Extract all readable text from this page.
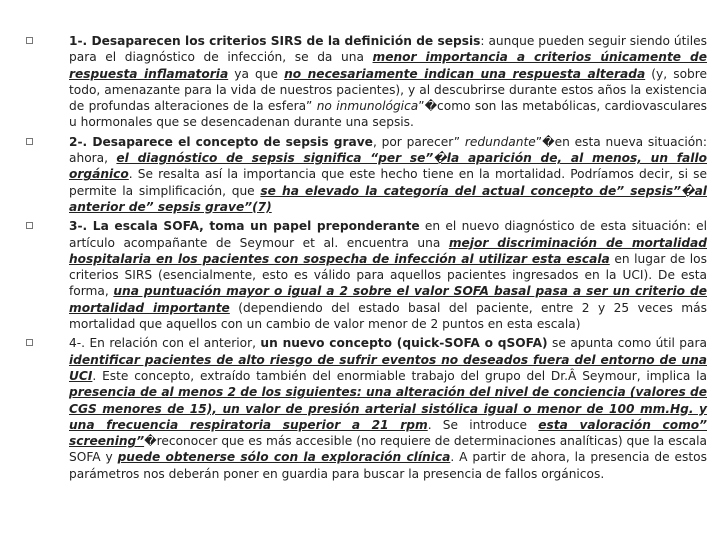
1-. Desaparecen los criterios SIRS de la definición de sepsis: aunque pueden seguir siendo útiles para el diagnóstico de infección, se da una menor importancia a criterios únicamente de respuesta inflamatoria ya que no necesariamente indican una respuesta alterada (y, sobre todo, amenazante para la vida de nuestros pacientes), y al descubrirse durante estos años la existencia de profundas alteraciones de la esfera” no inmunológica”�como son las metabólicas, cardiovasculares u hormonales que se desencadenan durante una sepsis.
2-. Desaparece el concepto de sepsis grave, por parecer” redundante”�en esta nueva situación: ahora, el diagnóstico de sepsis significa “per se”�la aparición de, al menos, un fallo orgánico. Se resalta así la importancia que este hecho tiene en la mortalidad. Podríamos decir, si se permite la simplificación, que se ha elevado la categoría del actual concepto de” sepsis”�al anterior de” sepsis grave”(7)
3-. La escala SOFA, toma un papel preponderante en el nuevo diagnóstico de esta situación: el artículo acompañante de Seymour et al. encuentra una mejor discriminación de mortalidad hospitalaria en los pacientes con sospecha de infección al utilizar esta escala en lugar de los criterios SIRS (esencialmente, esto es válido para aquellos pacientes ingresados en la UCI). De esta forma, una puntuación mayor o igual a 2 sobre el valor SOFA basal pasa a ser un criterio de mortalidad importante (dependiendo del estado basal del paciente, entre 2 y 25 veces más mortalidad que aquellos con un cambio de valor menor de 2 puntos en esta escala)
4-. En relación con el anterior, un nuevo concepto (quick-SOFA o qSOFA) se apunta como útil para identificar pacientes de alto riesgo de sufrir eventos no deseados fuera del entorno de una UCI. Este concepto, extraído también del enormiable trabajo del grupo del Dr.Â Seymour, implica la presencia de al menos 2 de los siguientes: una alteración del nivel de conciencia (valores de CGS menores de 15), un valor de presión arterial sistólica igual o menor de 100 mm.Hg. y una frecuencia respiratoria superior a 21 rpm. Se introduce esta valoración como” screening”�reconocer que es más accesible (no requiere de determinaciones analíticas) que la escala SOFA y puede obtenerse sólo con la exploración clínica. A partir de ahora, la presencia de estos parámetros nos deberán poner en guardia para buscar la presencia de fallos orgánicos.
